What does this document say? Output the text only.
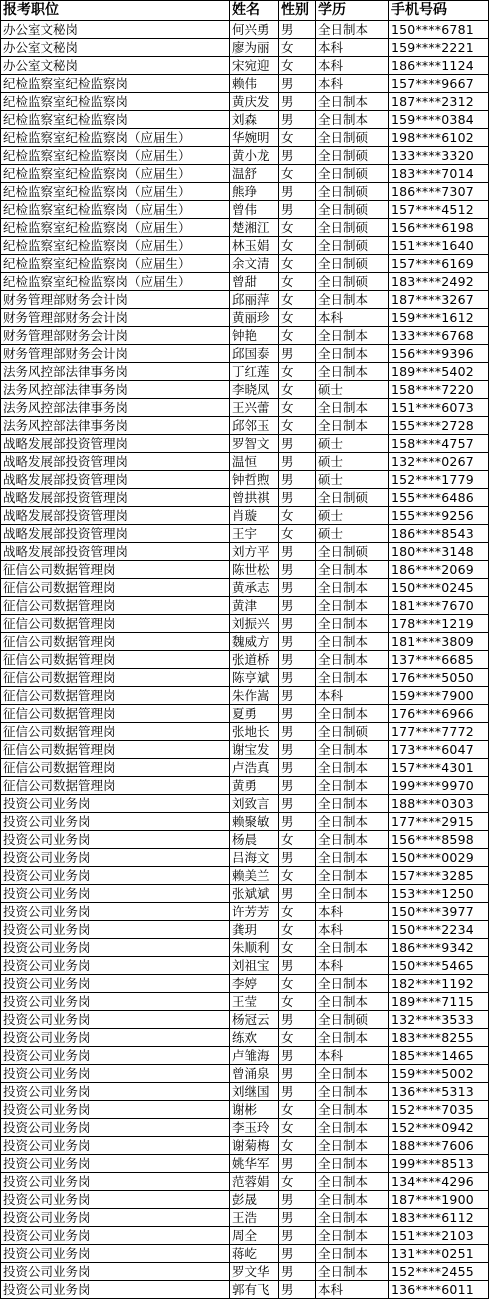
报考职位	姓名	性别	学历	手机号码
办公室文秘岗	何兴勇	男	全日制本	150****6781
办公室文秘岗	廖为丽	女	本科	159****2221
办公室文秘岗	宋宛迎	女	本科	186****1124
纪检监察室纪检监察岗	赖伟	男	本科	157****9667
纪检监察室纪检监察岗	黄庆发	男	全日制本	187****2312
纪检监察室纪检监察岗	刘森	男	全日制本	159****0384
纪检监察室纪检监察岗（应届生）	华婉明	女	全日制硕	198****6102
纪检监察室纪检监察岗（应届生）	黄小龙	男	全日制硕	133****3320
纪检监察室纪检监察岗（应届生）	温舒	女	全日制硕	183****7014
纪检监察室纪检监察岗（应届生）	熊琤	男	全日制硕	186****7307
纪检监察室纪检监察岗（应届生）	曾伟	男	全日制硕	157****4512
纪检监察室纪检监察岗（应届生）	楚湘江	女	全日制硕	156****6198
纪检监察室纪检监察岗（应届生）	林玉娟	女	全日制硕	151****1640
纪检监察室纪检监察岗（应届生）	余文清	女	全日制硕	157****6169
纪检监察室纪检监察岗（应届生）	曾甜	女	全日制硕	183****2492
财务管理部财务会计岗	邱丽萍	女	全日制本	187****3267
财务管理部财务会计岗	黄丽珍	女	本科	159****1612
财务管理部财务会计岗	钟艳	女	全日制本	133****6768
财务管理部财务会计岗	邱国泰	男	全日制本	156****9396
法务风控部法律事务岗	丁红莲	女	全日制本	189****5402
法务风控部法律事务岗	李晓凤	女	硕士	158****7220
法务风控部法律事务岗	王兴蕾	女	全日制本	151****6073
法务风控部法律事务岗	邱邻玉	女	全日制本	155****2728
战略发展部投资管理岗	罗智文	男	硕士	158****4757
战略发展部投资管理岗	温恒	男	硕士	132****0267
战略发展部投资管理岗	钟哲煦	男	硕士	152****1779
战略发展部投资管理岗	曾拱祺	男	全日制硕	155****6486
战略发展部投资管理岗	肖璇	女	硕士	155****9256
战略发展部投资管理岗	王宇	女	硕士	186****8543
战略发展部投资管理岗	刘方平	男	全日制硕	180****3148
征信公司数据管理岗	陈世松	男	全日制本	186****2069
征信公司数据管理岗	黄承志	男	全日制本	150****0245
征信公司数据管理岗	黄津	男	全日制本	181****7670
征信公司数据管理岗	刘振兴	男	全日制本	178****1219
征信公司数据管理岗	魏威方	男	全日制本	181****3809
征信公司数据管理岗	张道桥	男	全日制本	137****6685
征信公司数据管理岗	陈亨斌	男	全日制本	176****5050
征信公司数据管理岗	朱作嵩	男	本科	159****7900
征信公司数据管理岗	夏勇	男	全日制本	176****6966
征信公司数据管理岗	张地长	男	全日制硕	177****7772
征信公司数据管理岗	谢宝发	男	全日制本	173****6047
征信公司数据管理岗	卢浩真	男	全日制本	157****4301
征信公司数据管理岗	黄勇	男	全日制本	199****9970
投资公司业务岗	刘致言	男	全日制本	188****0303
投资公司业务岗	赖聚敏	男	全日制本	177****2915
投资公司业务岗	杨晨	女	全日制本	156****8598
投资公司业务岗	吕海文	男	全日制本	150****0029
投资公司业务岗	赖美兰	女	全日制本	157****3285
投资公司业务岗	张斌斌	男	全日制本	153****1250
投资公司业务岗	许芳芳	女	本科	150****3977
投资公司业务岗	龚玥	女	本科	150****2234
投资公司业务岗	朱顺利	女	全日制本	186****9342
投资公司业务岗	刘祖宝	男	本科	150****5465
投资公司业务岗	李婷	女	全日制本	182****1192
投资公司业务岗	王莹	女	全日制本	189****7115
投资公司业务岗	杨冠云	男	全日制硕	132****3533
投资公司业务岗	练欢	女	全日制本	183****8255
投资公司业务岗	卢雏海	男	本科	185****1465
投资公司业务岗	曾涌泉	男	全日制本	159****5002
投资公司业务岗	刘继国	男	全日制本	136****5313
投资公司业务岗	谢彬	女	全日制本	152****7035
投资公司业务岗	李玉玲	女	全日制本	152****0942
投资公司业务岗	谢菊梅	女	全日制本	188****7606
投资公司业务岗	姚华军	男	全日制本	199****8513
投资公司业务岗	范蓉娟	女	全日制本	134****4296
投资公司业务岗	彭晟	男	全日制本	187****1900
投资公司业务岗	王浩	男	全日制本	183****6112
投资公司业务岗	周全	男	全日制本	151****2103
投资公司业务岗	蒋屹	男	全日制本	131****0251
投资公司业务岗	罗文华	男	全日制本	152****2455
投资公司业务岗	郭有飞	男	本科	136****6011
